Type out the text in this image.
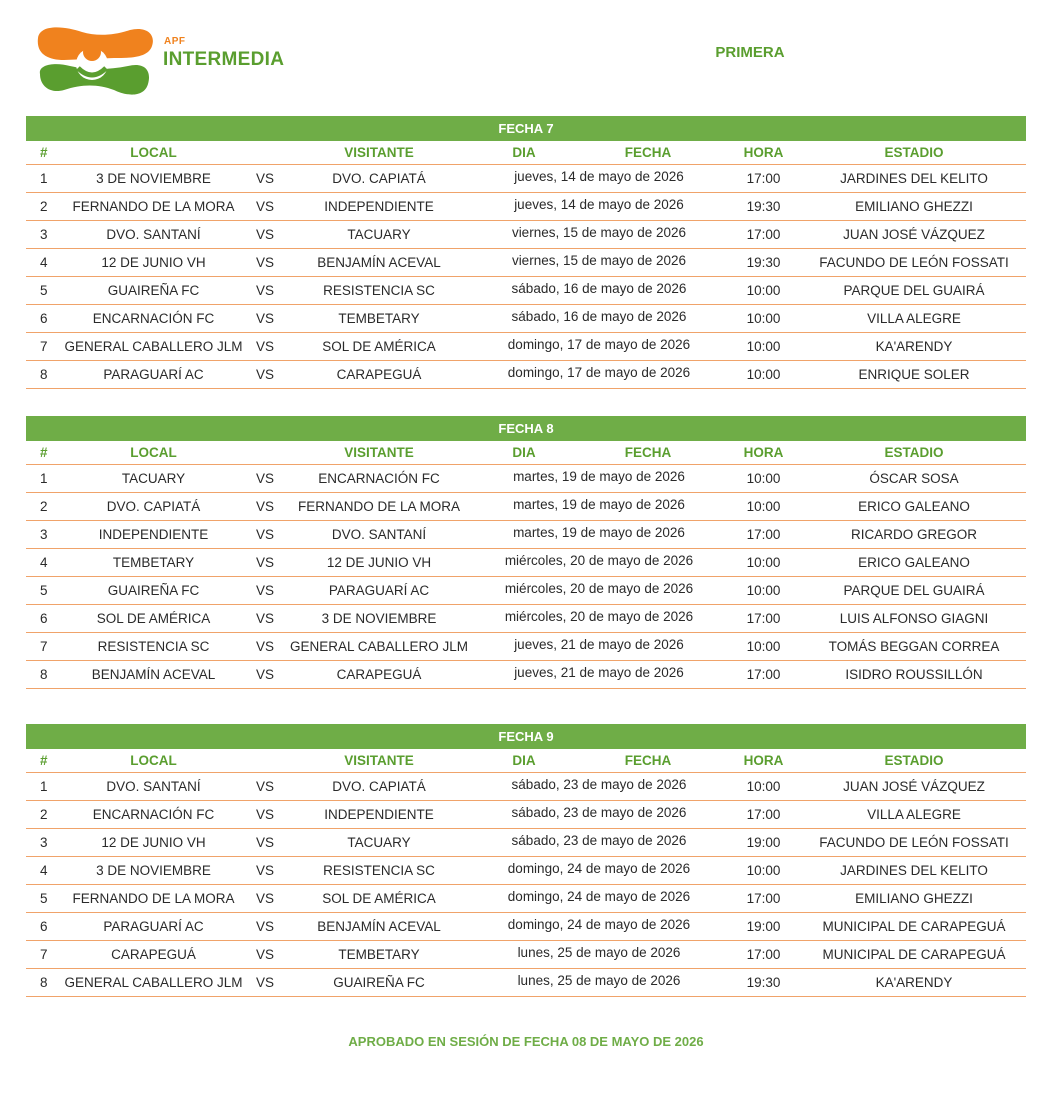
APF
INTERMEDIA	PRIMERA
FECHA 7
#	LOCAL	VISITANTE	DIA	FECHA	HORA	ESTADIO
1	3 DE NOVIEMBRE	VS	DVO. CAPIATÁ	jueves, 14 de mayo de 2026	17:00	JARDINES DEL KELITO
2	FERNANDO DE LA MORA	VS	INDEPENDIENTE	jueves, 14 de mayo de 2026	19:30	EMILIANO GHEZZI
3	DVO. SANTANÍ	VS	TACUARY	viernes, 15 de mayo de 2026	17:00	JUAN JOSÉ VÁZQUEZ
4	12 DE JUNIO VH	VS	BENJAMÍN ACEVAL	viernes, 15 de mayo de 2026	19:30	FACUNDO DE LEÓN FOSSATI
5	GUAIREÑA FC	VS	RESISTENCIA SC	sábado, 16 de mayo de 2026	10:00	PARQUE DEL GUAIRÁ
6	ENCARNACIÓN FC	VS	TEMBETARY	sábado, 16 de mayo de 2026	10:00	VILLA ALEGRE
7	GENERAL CABALLERO JLM VS	SOL DE AMÉRICA	domingo, 17 de mayo de 2026	10:00	KA'ARENDY
8	PARAGUARÍ AC	VS	CARAPEGUÁ	domingo, 17 de mayo de 2026	10:00	ENRIQUE SOLER
FECHA 8
#	LOCAL	VISITANTE	DIA	FECHA	HORA	ESTADIO
1	TACUARY	VS	ENCARNACIÓN FC	martes, 19 de mayo de 2026	10:00	ÓSCAR SOSA
2	DVO. CAPIATÁ	VS	FERNANDO DE LA MORA	martes, 19 de mayo de 2026	10:00	ERICO GALEANO
3	INDEPENDIENTE	VS	DVO. SANTANÍ	martes, 19 de mayo de 2026	17:00	RICARDO GREGOR
4	TEMBETARY	VS	12 DE JUNIO VH	miércoles, 20 de mayo de 2026	10:00	ERICO GALEANO
5	GUAIREÑA FC	VS	PARAGUARÍ AC	miércoles, 20 de mayo de 2026	10:00	PARQUE DEL GUAIRÁ
6	SOL DE AMÉRICA	VS	3 DE NOVIEMBRE	miércoles, 20 de mayo de 2026	17:00	LUIS ALFONSO GIAGNI
7	RESISTENCIA SC	VS	GENERAL CABALLERO JLM	jueves, 21 de mayo de 2026	10:00	TOMÁS BEGGAN CORREA
8	BENJAMÍN ACEVAL	VS	CARAPEGUÁ	jueves, 21 de mayo de 2026	17:00	ISIDRO ROUSSILLÓN
FECHA 9
#	LOCAL	VISITANTE	DIA	FECHA	HORA	ESTADIO
1	DVO. SANTANÍ	VS	DVO. CAPIATÁ	sábado, 23 de mayo de 2026	10:00	JUAN JOSÉ VÁZQUEZ
2	ENCARNACIÓN FC	VS	INDEPENDIENTE	sábado, 23 de mayo de 2026	17:00	VILLA ALEGRE
3	12 DE JUNIO VH	VS	TACUARY	sábado, 23 de mayo de 2026	19:00	FACUNDO DE LEÓN FOSSATI
4	3 DE NOVIEMBRE	VS	RESISTENCIA SC	domingo, 24 de mayo de 2026	10:00	JARDINES DEL KELITO
5	FERNANDO DE LA MORA	VS	SOL DE AMÉRICA	domingo, 24 de mayo de 2026	17:00	EMILIANO GHEZZI
6	PARAGUARÍ AC	VS	BENJAMÍN ACEVAL	domingo, 24 de mayo de 2026	19:00	MUNICIPAL DE CARAPEGUÁ
7	CARAPEGUÁ	VS	TEMBETARY	lunes, 25 de mayo de 2026	17:00	MUNICIPAL DE CARAPEGUÁ
8	GENERAL CABALLERO JLM VS	GUAIREÑA FC	lunes, 25 de mayo de 2026	19:30	KA'ARENDY
APROBADO EN SESIÓN DE FECHA 08 DE MAYO DE 2026
